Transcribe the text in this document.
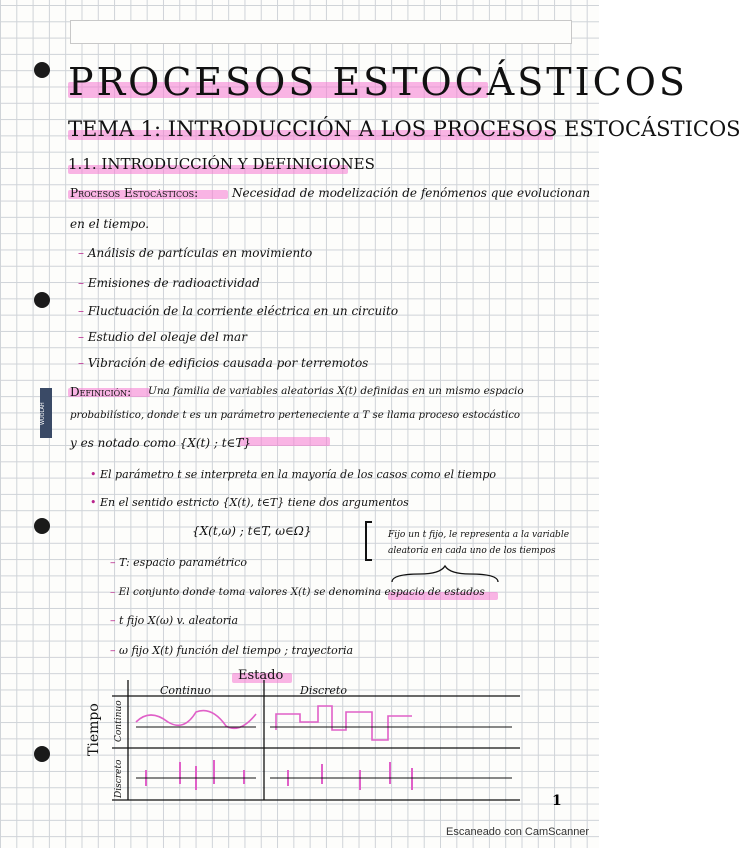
WUOLAH
PROCESOS ESTOCÁSTICOS
TEMA 1: INTRODUCCIÓN A LOS PROCESOS ESTOCÁSTICOS
1.1. INTRODUCCIÓN Y DEFINICIONES
Procesos Estocásticos:	Necesidad de modelización de fenómenos que evolucionan
en el tiempo.
– Análisis de partículas en movimiento
– Emisiones de radioactividad
– Fluctuación de la corriente eléctrica en un circuito
– Estudio del oleaje del mar
– Vibración de edificios causada por terremotos
Definición: Una familia de variables aleatorias X(t) definidas en un mismo espacio
probabilístico, donde t es un parámetro perteneciente a T se llama proceso estocástico
y es notado como {X(t) ; t∈T}
• El parámetro t se interpreta en la mayoría de los casos como el tiempo
• En el sentido estricto {X(t), t∈T} tiene dos argumentos
{X(t,ω) ; t∈T, ω∈Ω}	Fijo un t fijo, le representa a la variable
aleatoria en cada uno de los tiempos
– T: espacio paramétrico
– El conjunto donde toma valores X(t) se denomina espacio de estados
– t fijo X(ω) v. aleatoria
– ω fijo X(t) función del tiempo ; trayectoria
Estado
Continuo	Discreto
Tiempo Continuo
Discreto
1
Escaneado con CamScanner
